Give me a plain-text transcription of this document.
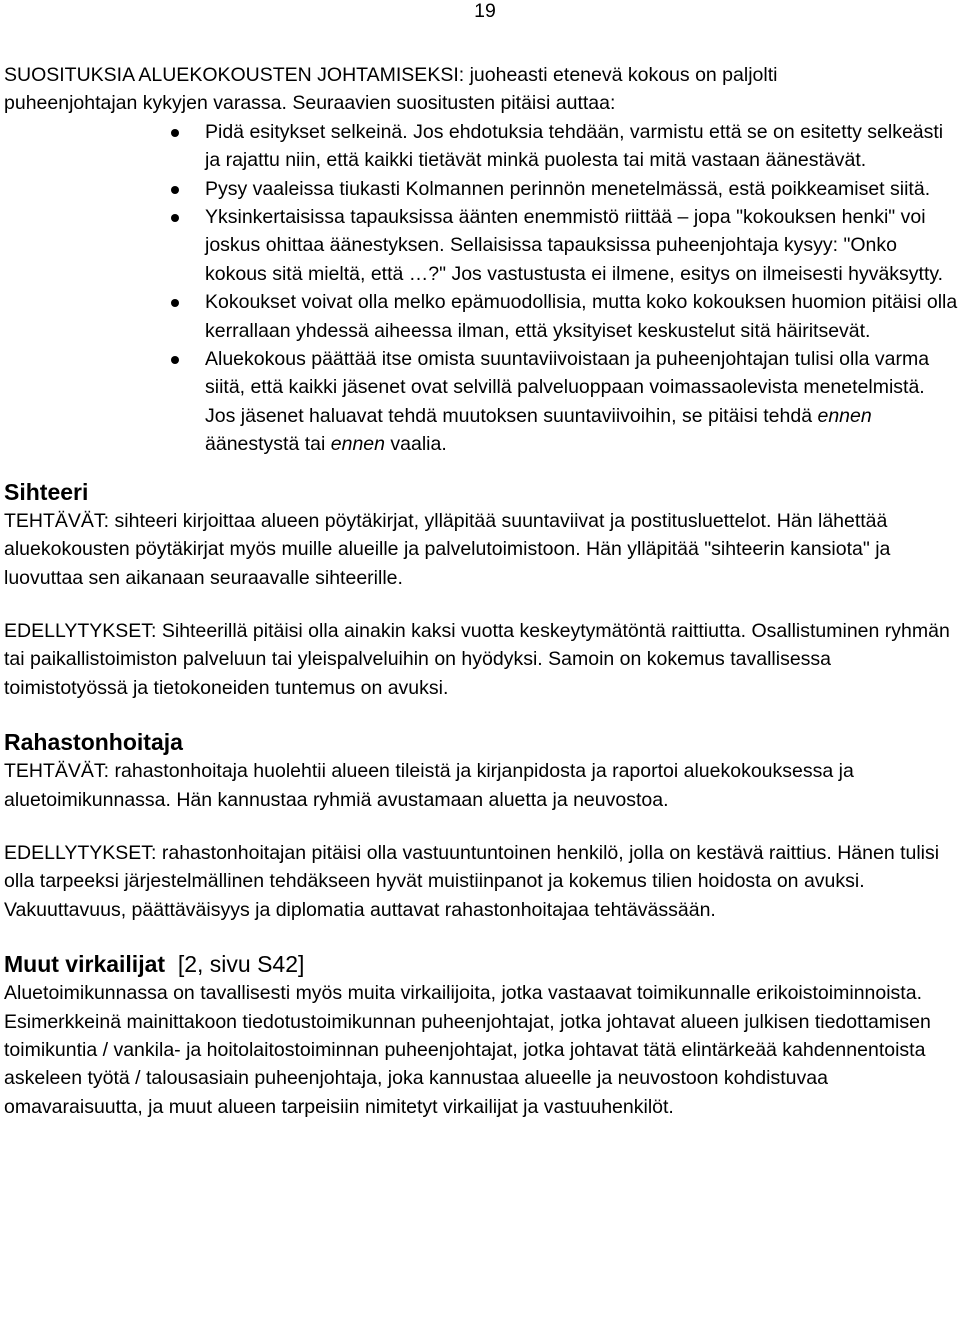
19

SUOSITUKSIA ALUEKOKOUSTEN JOHTAMISEKSI: juoheasti etenevä kokous on paljolti

puheenjohtajan kykyjen varassa. Seuraavien suositusten pitäisi auttaa:

Pidä esitykset selkeinä. Jos ehdotuksia tehdään, varmistu että se on esitetty selkeästi ja rajattu niin, että kaikki tietävät minkä puolesta tai mitä vastaan äänestävät.
Pysy vaaleissa tiukasti Kolmannen perinnön menetelmässä, estä poikkeamiset siitä.
Yksinkertaisissa tapauksissa äänten enemmistö riittää – jopa "kokouksen henki" voi joskus ohittaa äänestyksen. Sellaisissa tapauksissa puheenjohtaja kysyy: "Onko kokous sitä mieltä, että …?" Jos vastustusta ei ilmene, esitys on ilmeisesti hyväksytty.
Kokoukset voivat olla melko epämuodollisia, mutta koko kokouksen huomion pitäisi olla kerrallaan yhdessä aiheessa ilman, että yksityiset keskustelut sitä häiritsevät.
Aluekokous päättää itse omista suuntaviivoistaan ja puheenjohtajan tulisi olla varma siitä, että kaikki jäsenet ovat selvillä palveluoppaan voimassaolevista menetelmistä. Jos jäsenet haluavat tehdä muutoksen suuntaviivoihin, se pitäisi tehdä ennen äänestystä tai ennen vaalia.
Sihteeri

TEHTÄVÄT: sihteeri kirjoittaa alueen pöytäkirjat, ylläpitää suuntaviivat ja postitusluettelot. Hän lähettää aluekokousten pöytäkirjat myös muille alueille ja palvelutoimistoon. Hän ylläpitää "sihteerin kansiota" ja luovuttaa sen aikanaan seuraavalle sihteerille.

EDELLYTYKSET: Sihteerillä pitäisi olla ainakin kaksi vuotta keskeytymätöntä raittiutta. Osallistuminen ryhmän tai paikallistoimiston palveluun tai yleispalveluihin on hyödyksi. Samoin on kokemus tavallisessa toimistotyössä ja tietokoneiden tuntemus on avuksi.

Rahastonhoitaja

TEHTÄVÄT: rahastonhoitaja huolehtii alueen tileistä ja kirjanpidosta ja raportoi aluekokouksessa ja aluetoimikunnassa. Hän kannustaa ryhmiä avustamaan aluetta ja neuvostoa.

EDELLYTYKSET: rahastonhoitajan pitäisi olla vastuuntuntoinen henkilö, jolla on kestävä raittius. Hänen tulisi olla tarpeeksi järjestelmällinen tehdäkseen hyvät muistiinpanot ja kokemus tilien hoidosta on avuksi. Vakuuttavuus, päättäväisyys ja diplomatia auttavat rahastonhoitajaa tehtävässään.

Muut virkailijat [2, sivu S42]

Aluetoimikunnassa on tavallisesti myös muita virkailijoita, jotka vastaavat toimikunnalle erikoistoiminnoista. Esimerkkeinä mainittakoon tiedotustoimikunnan puheenjohtajat, jotka johtavat alueen julkisen tiedottamisen toimikuntia / vankila- ja hoitolaitostoiminnan puheenjohtajat, jotka johtavat tätä elintärkeää kahdennentoista askeleen työtä / talousasiain puheenjohtaja, joka kannustaa alueelle ja neuvostoon kohdistuvaa omavaraisuutta, ja muut alueen tarpeisiin nimitetyt virkailijat ja vastuuhenkilöt.
